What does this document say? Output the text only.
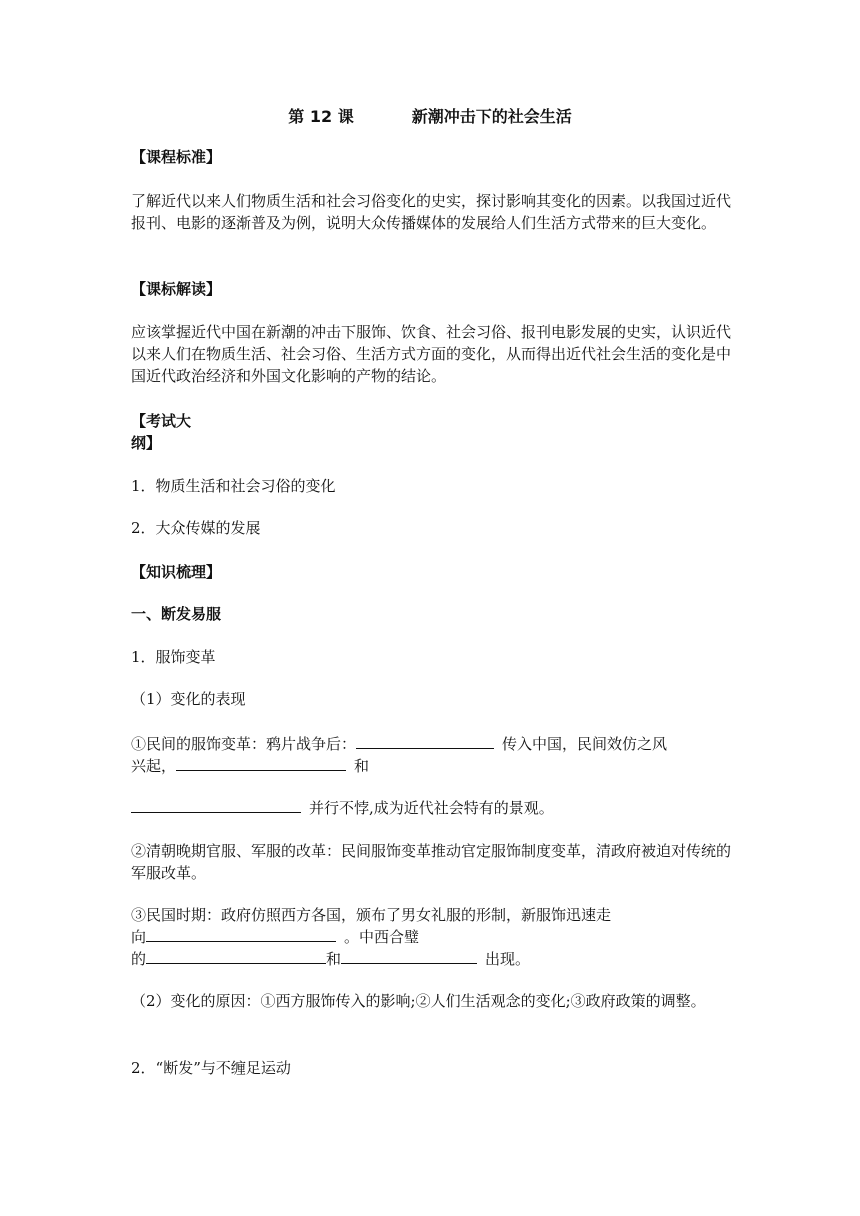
第 12 课	新潮冲击下的社会生活
【课程标准】
了解近代以来人们物质生活和社会习俗变化的史实，探讨影响其变化的因素。以我国过近代报刊、电影的逐渐普及为例，说明大众传播媒体的发展给人们生活方式带来的巨大变化。
【课标解读】
应该掌握近代中国在新潮的冲击下服饰、饮食、社会习俗、报刊电影发展的史实，认识近代以来人们在物质生活、社会习俗、生活方式方面的变化，从而得出近代社会生活的变化是中国近代政治经济和外国文化影响的产物的结论。
【考试大
纲】
1．物质生活和社会习俗的变化
2．大众传媒的发展
【知识梳理】
一、断发易服
1．服饰变革
（1）变化的表现
①民间的服饰变革：鸦片战争后：	传入中国，民间效仿之风
兴起，	和
并行不悖,成为近代社会特有的景观。
②清朝晚期官服、军服的改革：民间服饰变革推动官定服饰制度变革，清政府被迫对传统的军服改革。
③民国时期：政府仿照西方各国，颁布了男女礼服的形制，新服饰迅速走
向	。中西合璧
的	和	出现。
（2）变化的原因：①西方服饰传入的影响;②人们生活观念的变化;③政府政策的调整。
2．“断发”与不缠足运动
